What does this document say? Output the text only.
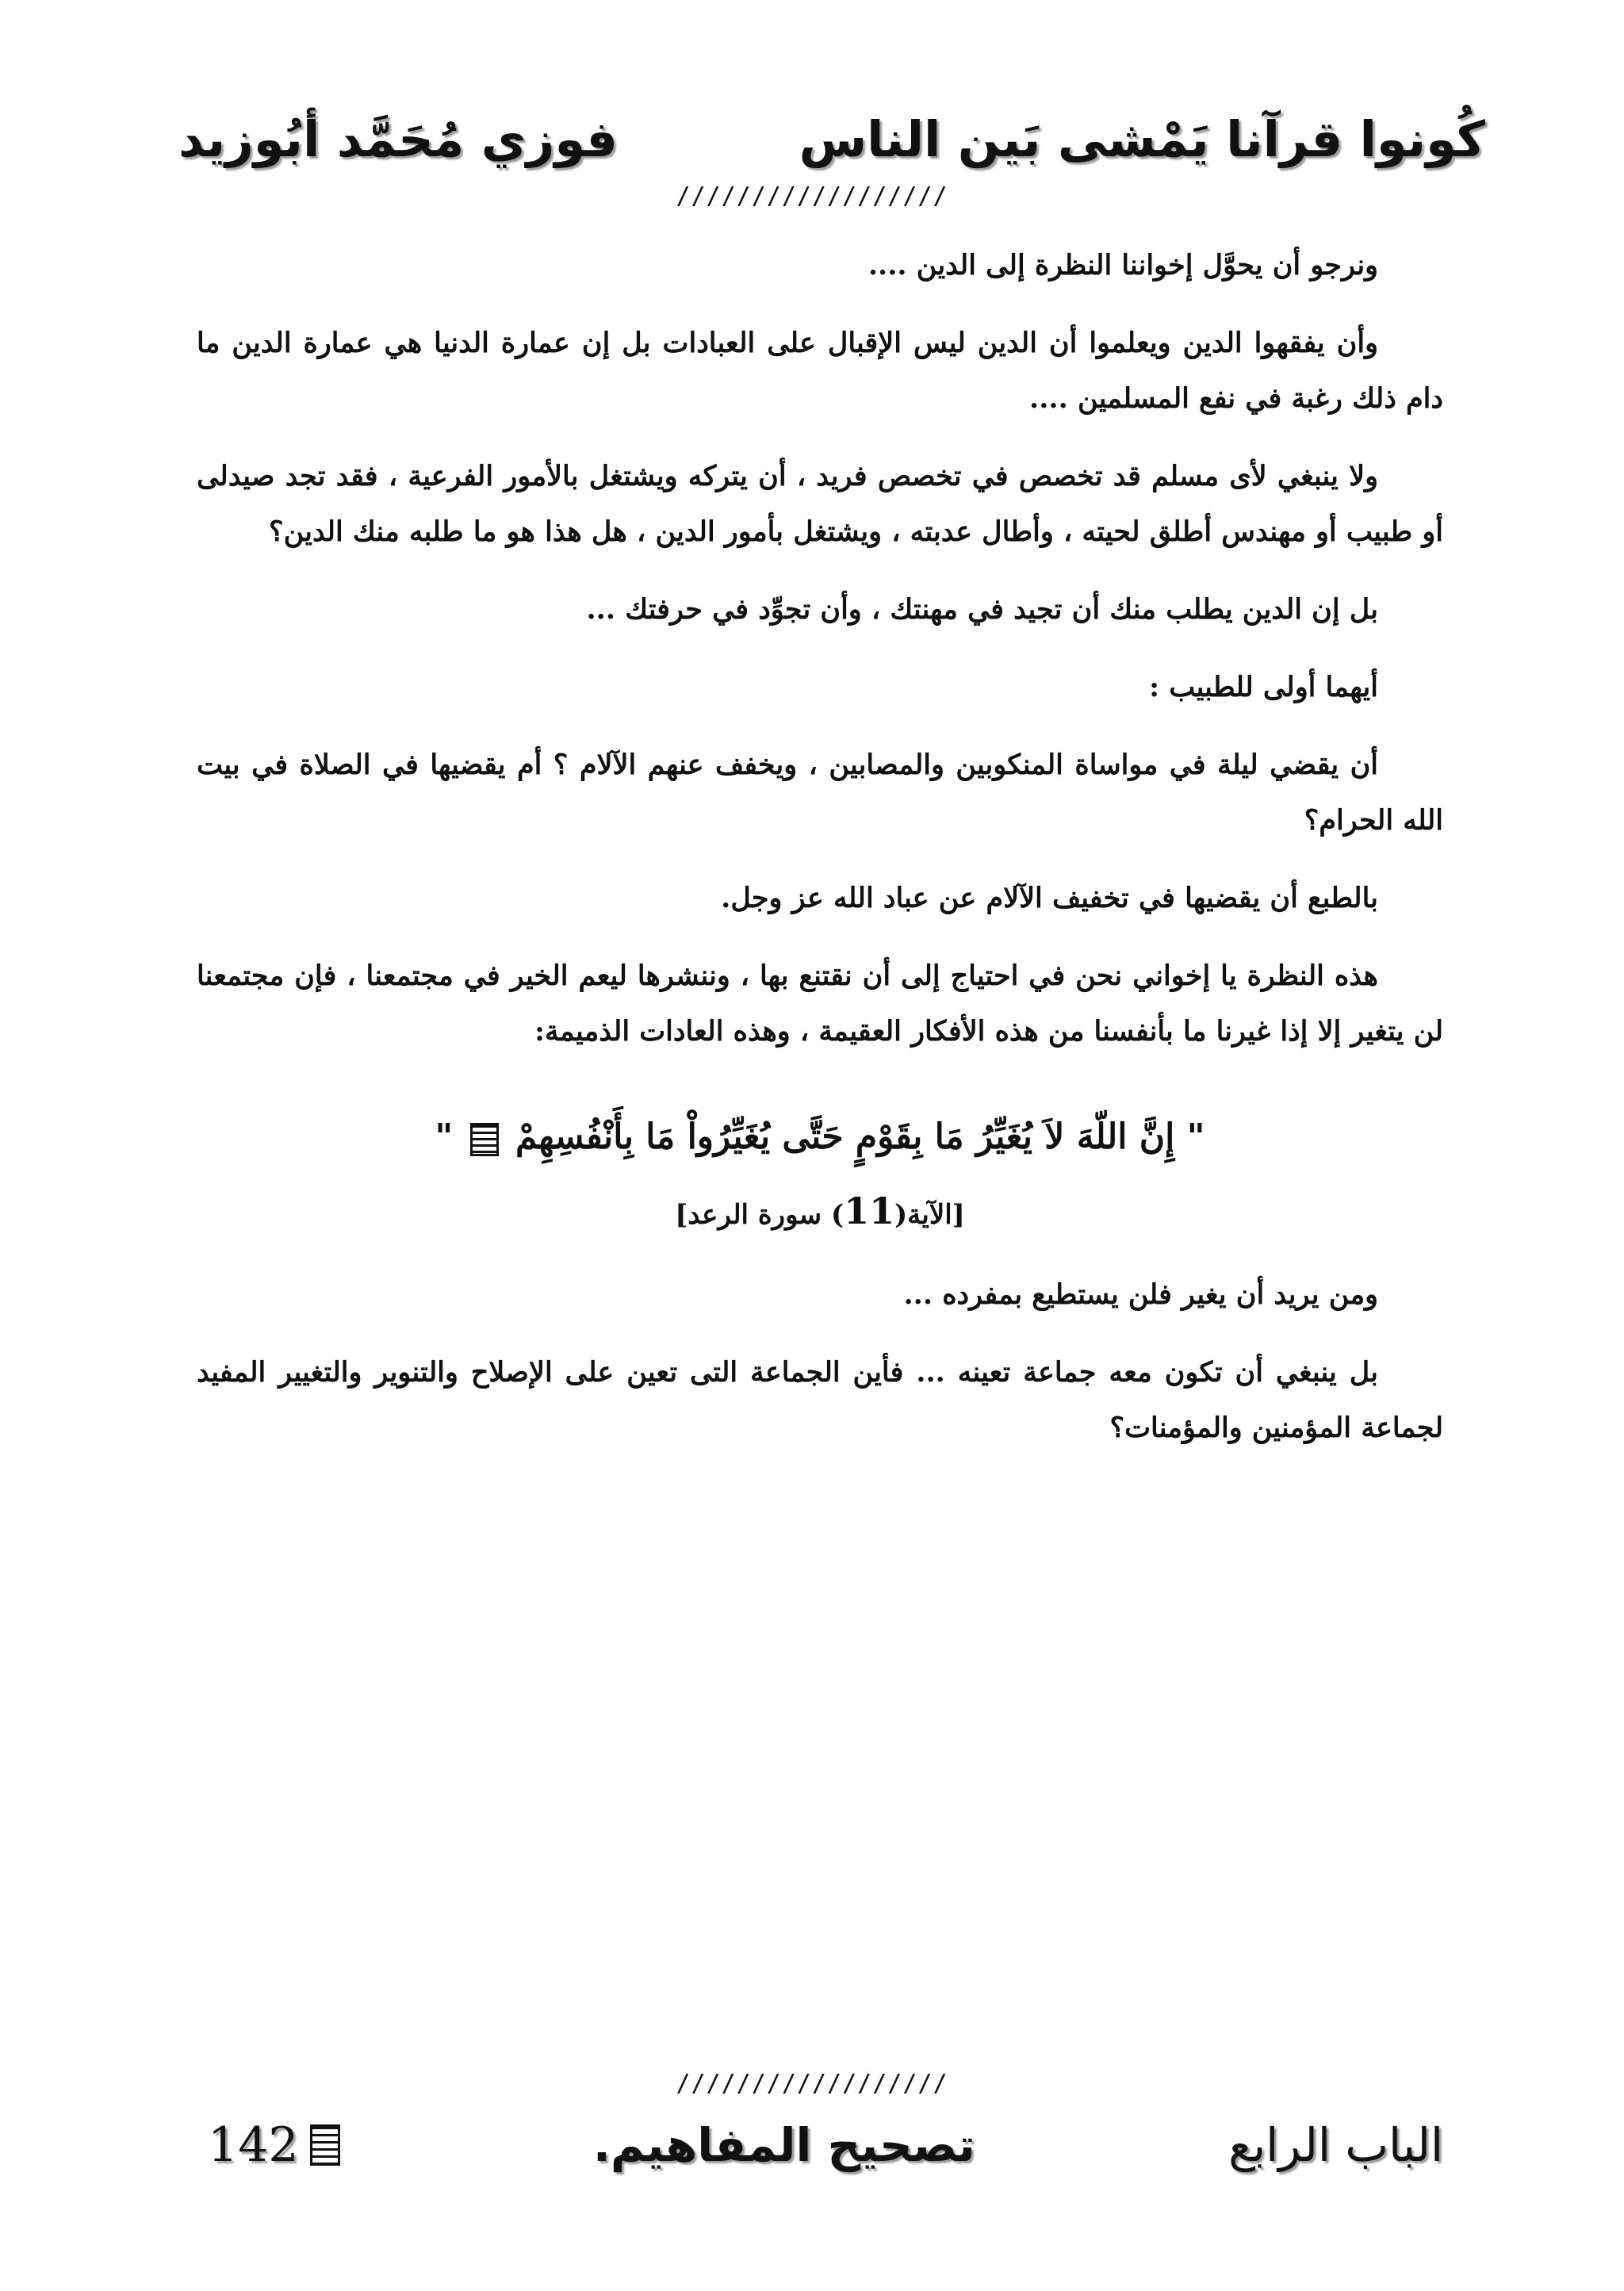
كُونوا قرآنا يَمْشى بَين الناس
فوزي مُحَمَّد أبُوزيد
//////////////////

ونرجو أن يحوَّل إخواننا النظرة إلى الدين ....

وأن يفقهوا الدين ويعلموا أن الدين ليس الإقبال على العبادات بل إن عمارة الدنيا هي عمارة الدين ما دام ذلك رغبة في نفع المسلمين ....

ولا ينبغي لأى مسلم قد تخصص في تخصص فريد ، أن يتركه ويشتغل بالأمور الفرعية ، فقد تجد صيدلى أو طبيب أو مهندس أطلق لحيته ، وأطال عدبته ، ويشتغل بأمور الدين ، هل هذا هو ما طلبه منك الدين؟

بل إن الدين يطلب منك أن تجيد في مهنتك ، وأن تجوِّد في حرفتك ...

أيهما أولى للطبيب :

أن يقضي ليلة في مواساة المنكوبين والمصابين ، ويخفف عنهم الآلام ؟ أم يقضيها في الصلاة في بيت الله الحرام؟

بالطبع أن يقضيها في تخفيف الآلام عن عباد الله عز وجل.

هذه النظرة يا إخواني نحن في احتياج إلى أن نقتنع بها ، وننشرها ليعم الخير في مجتمعنا ، فإن مجتمعنا لن يتغير إلا إذا غيرنا ما بأنفسنا من هذه الأفكار العقيمة ، وهذه العادات الذميمة:

" إِنَّ اللّهَ لاَ يُغَيِّرُ مَا بِقَوْمٍ حَتَّى يُغَيِّرُواْ مَا بِأَنْفُسِهِمْ  "
[الآية(11) سورة الرعد]

ومن يريد أن يغير فلن يستطيع بمفرده ...

بل ينبغي أن تكون معه جماعة تعينه ... فأين الجماعة التى تعين على الإصلاح والتنوير والتغيير المفيد لجماعة المؤمنين والمؤمنات؟

//////////////////
الباب الرابع
تصحيح المفاهيم.
142
